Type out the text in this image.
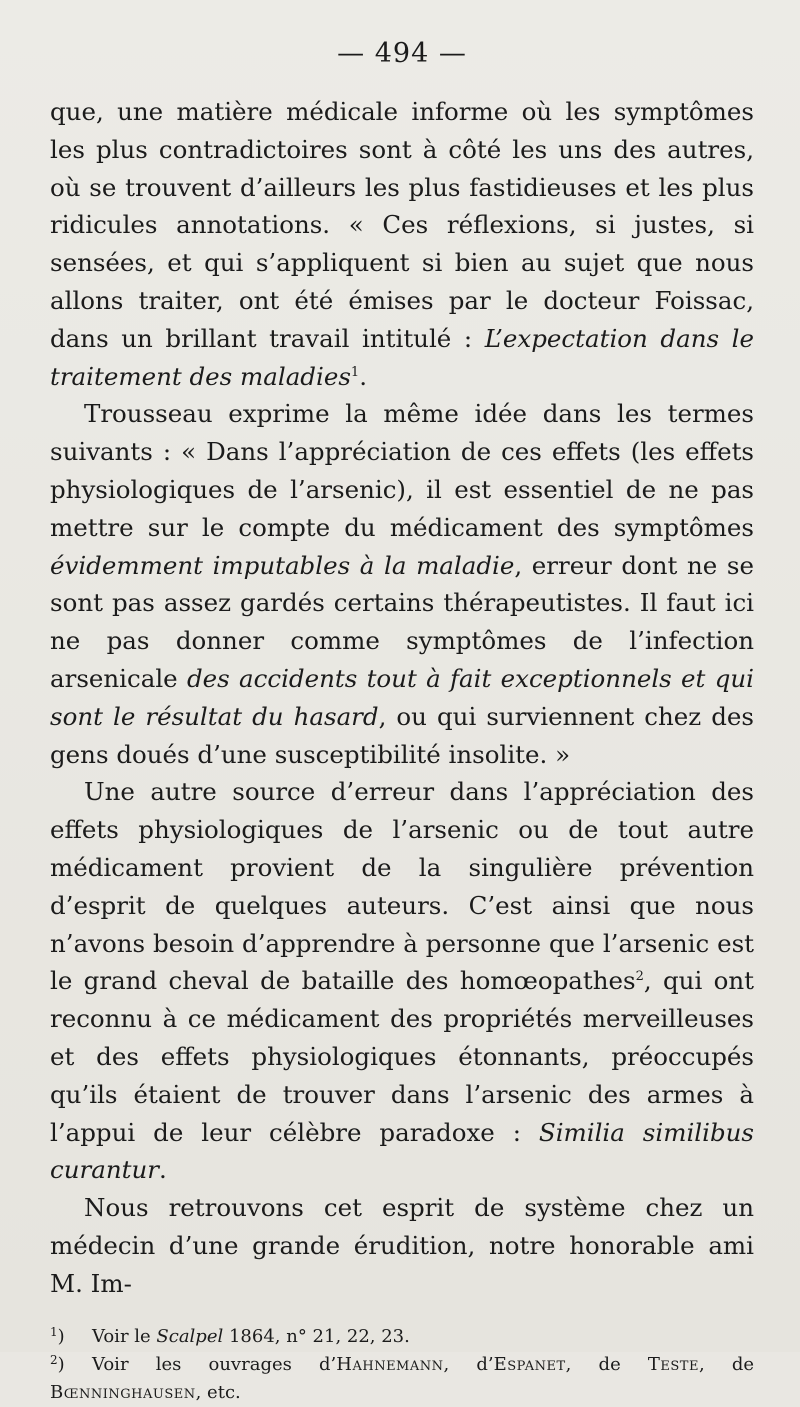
— 494 —

que, une matière médicale informe où les symptômes les plus contradictoires sont à côté les uns des autres, où se trouvent d’ailleurs les plus fastidieuses et les plus ridicules annotations. « Ces réflexions, si justes, si sensées, et qui s’appliquent si bien au sujet que nous allons traiter, ont été émises par le docteur Foissac, dans un brillant travail intitulé : L’expectation dans le traitement des maladies$^1$.

Trousseau exprime la même idée dans les termes suivants : « Dans l’appréciation de ces effets (les effets physiologiques de l’arsenic), il est essentiel de ne pas mettre sur le compte du médicament des symptômes évidemment imputables à la maladie, erreur dont ne se sont pas assez gardés certains thérapeutistes. Il faut ici ne pas donner comme symptômes de l’infection arsenicale des accidents tout à fait exceptionnels et qui sont le résultat du hasard, ou qui surviennent chez des gens doués d’une susceptibilité insolite. »

Une autre source d’erreur dans l’appréciation des effets physiologiques de l’arsenic ou de tout autre médicament provient de la singulière prévention d’esprit de quelques auteurs. C’est ainsi que nous n’avons besoin d’apprendre à personne que l’arsenic est le grand cheval de bataille des homœopathes$^2$, qui ont reconnu à ce médicament des propriétés merveilleuses et des effets physiologiques étonnants, préoccupés qu’ils étaient de trouver dans l’arsenic des armes à l’appui de leur célèbre paradoxe : Similia similibus curantur.

Nous retrouvons cet esprit de système chez un médecin d’une grande érudition, notre honorable ami M. Im-

$^1$) Voir le Scalpel 1864, n° 21, 22, 23.

$^2$) Voir les ouvrages d’Hahnemann, d’Espanet, de Teste, de Bœnninghausen, etc.
